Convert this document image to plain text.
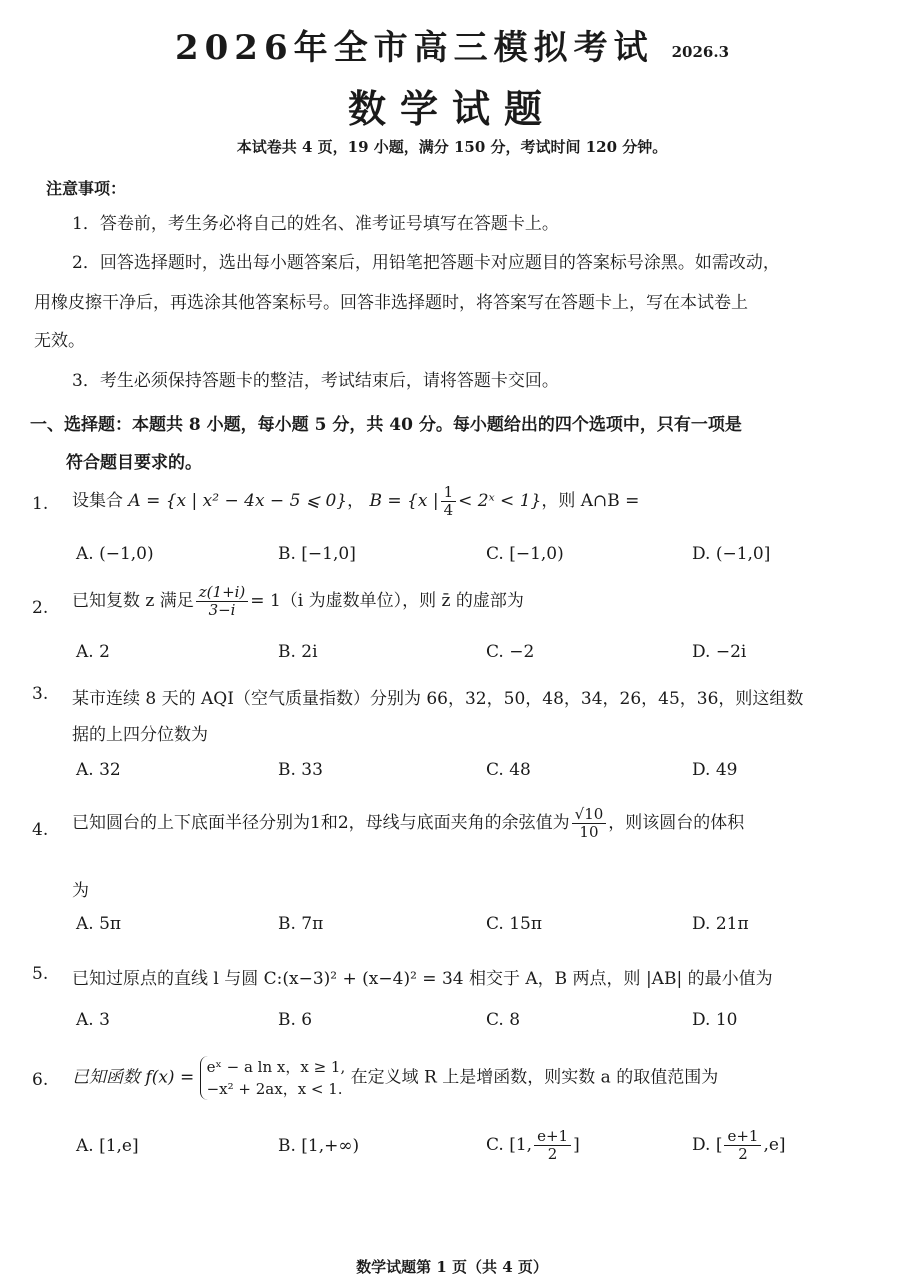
2026年全市高三模拟考试 2026.3
数学试题
本试卷共 4 页，19 小题，满分 150 分，考试时间 120 分钟。
注意事项：
1．答卷前，考生务必将自己的姓名、准考证号填写在答题卡上。
2．回答选择题时，选出每小题答案后，用铅笔把答题卡对应题目的答案标号涂黑。如需改动，
用橡皮擦干净后，再选涂其他答案标号。回答非选择题时，将答案写在答题卡上，写在本试卷上
无效。
3．考生必须保持答题卡的整洁，考试结束后，请将答题卡交回。
一、选择题：本题共 8 小题，每小题 5 分，共 40 分。每小题给出的四个选项中，只有一项是
符合题目要求的。
1. 设集合 A = {x | x² − 4x − 5 ⩽ 0}， B = {x | $\frac{1}{4}$ < 2ˣ < 1}，则 A∩B =
A. (−1,0)	B. [−1,0]	C. [−1,0)	D. (−1,0]
2. 已知复数 z 满足 $\frac{z(1+i)}{3-i} = 1(i$ 为虚数单位），则 z̄ 的虚部为
A. 2	B. 2i	C. −2	D. −2i
3. 某市连续 8 天的 AQI（空气质量指数）分别为 66，32，50，48，34，26，45，36，则这组数
据的上四分位数为
A. 32	B. 33	C. 48	D. 49
4. 已知圆台的上下底面半径分别为1和2，母线与底面夹角的余弦值为 $\frac{√10}{10}$ ，则该圆台的体积
为
A. 5π	B. 7π	C. 15π	D. 21π
5. 已知过原点的直线 l 与圆 C:(x−3)² + (x−4)² = 34 相交于 A，B 两点，则 |AB| 的最小值为
A. 3	B. 6	C. 8	D. 10
6. 已知函数 f(x) =
eˣ − a ln x，x ≥ 1,
−x² + 2ax，x < 1.
在定义域 R 上是增函数，则实数 a 的取值范围为
A. [1,e]	B. [1,+∞)	C. [1, $\frac{e+1}{2}$ ]	D. [ $\frac{e+1}{2} ,e$]
数学试题第 1 页（共 4 页）
